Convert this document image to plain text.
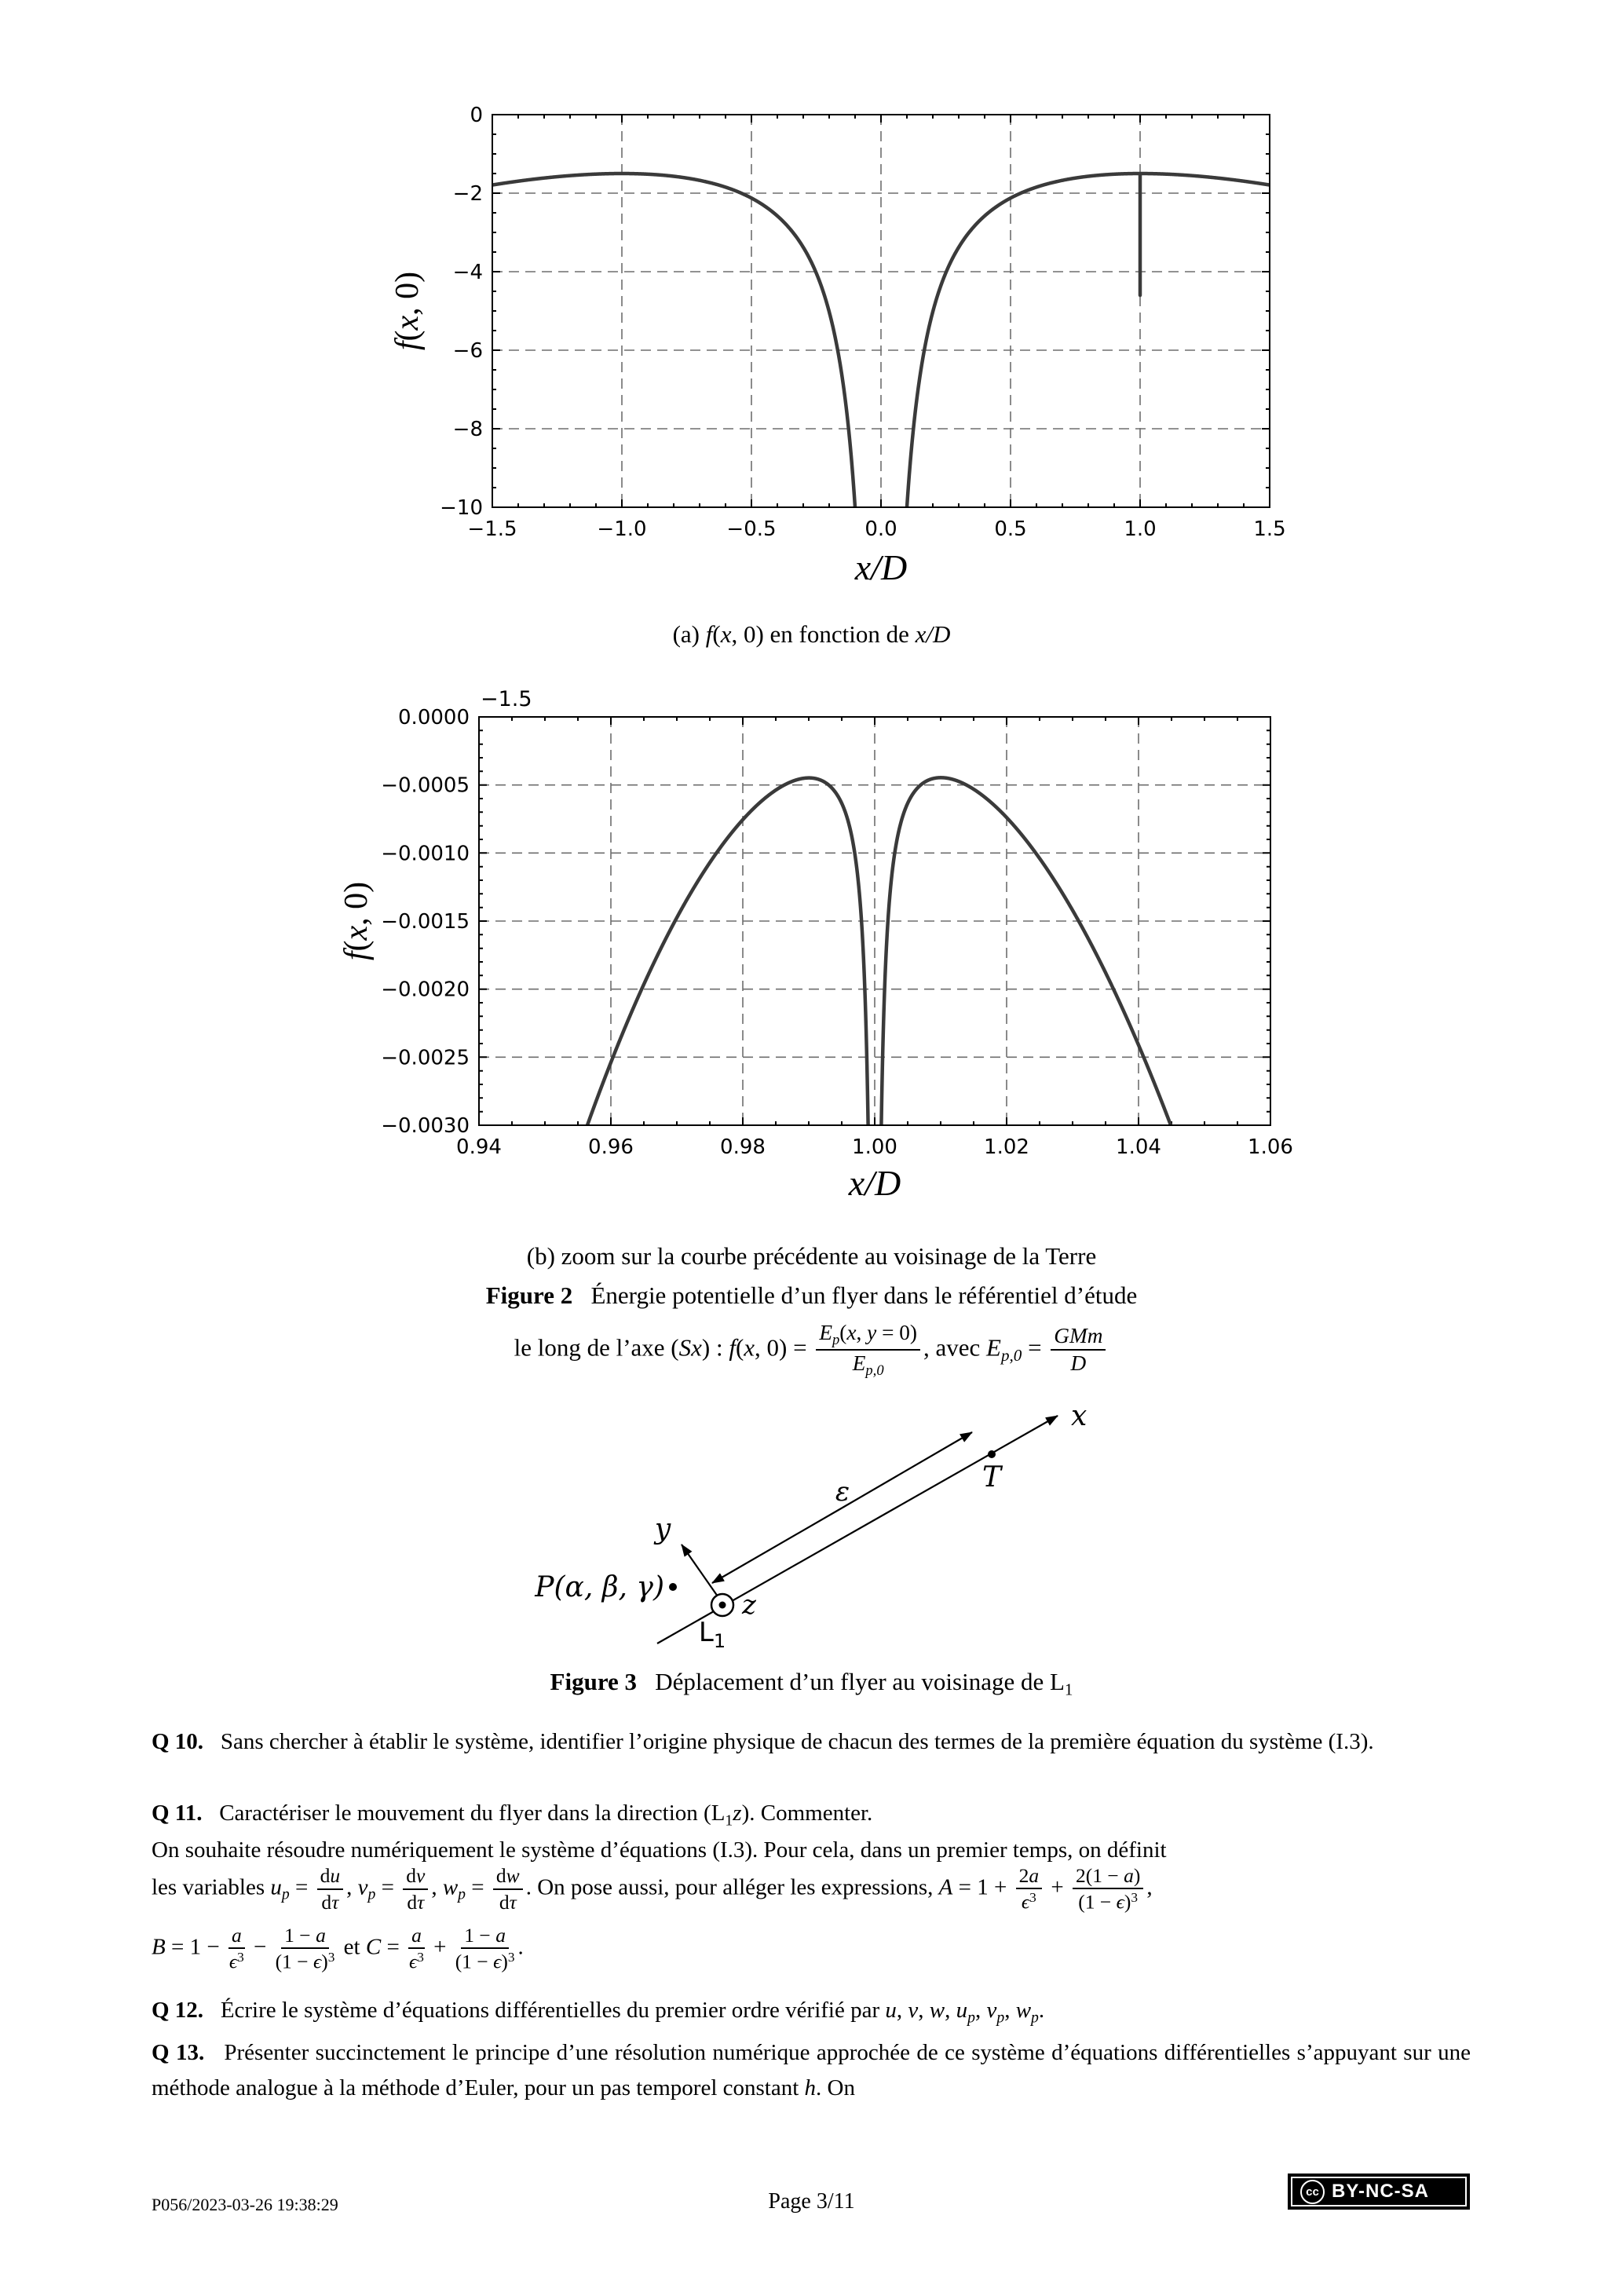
−1.5	−1.0	−0.5	0.0	0.5	1.0	1.5
0
−2
−4
−6
−8
−10
f(x, 0)
x/D
(a) f(x, 0) en fonction de x/D
0.94	0.96	0.98	1.00	1.02	1.04	1.06
0.0000
−0.0005
−0.0010
−0.0015
−0.0020
−0.0025
−0.0030
−1.5
f(x, 0)
x/D
(b) zoom sur la courbe précédente au voisinage de la Terre
Figure 2   Énergie potentielle d’un flyer dans le référentiel d’étude
le long de l’axe (Sx) : f(x, $0) = \frac{E_p(x, y = 0)}{E_{p,0}}$ , avec $E_{p,0} = \frac{\text{GMm}}{D}$
x
y
z
T
ε
$L_1$
P(α, β, γ)
Figure 3   Déplacement d’un flyer au voisinage de $L_1$
Q 10.   Sans chercher à établir le système, identifier l’origine physique de chacun des termes de la première équation du système (I.3).
Q 11.   Caractériser le mouvement du flyer dans la direction $(L_1z)$. Commenter.
On souhaite résoudre numériquement le système d’équations (I.3). Pour cela, dans un premier temps, on définit
les variables $u_p = \frac{du}{d\tau}$ , $v_p = \frac{dv}{d\tau}$ , $w_p = \frac{dw}{d\tau}$ . On pose aussi, pour alléger les expressions, $A = 1 + \frac{2a}{\epsilon^3} + \frac{2(1 - a)}{(1 - \epsilon)^3}$ ,
$B = 1 - \frac{a}{\epsilon^3} - \frac{1 - a}{(1 - \epsilon)^3}$ et $C = \frac{a}{\epsilon^3} + \frac{1 - a}{(1 - \epsilon)^3}$ .
Q 12.   Écrire le système d’équations différentielles du premier ordre vérifié par u, v, w, $u_p$, $v_p$, $w_p$.
Q 13.   Présenter succinctement le principe d’une résolution numérique approchée de ce système d’équations différentielles s’appuyant sur une méthode analogue à la méthode d’Euler, pour un pas temporel constant h. On
P056/2023-03-26 19:38:29	Page 3/11	cc BY-NC-SA
